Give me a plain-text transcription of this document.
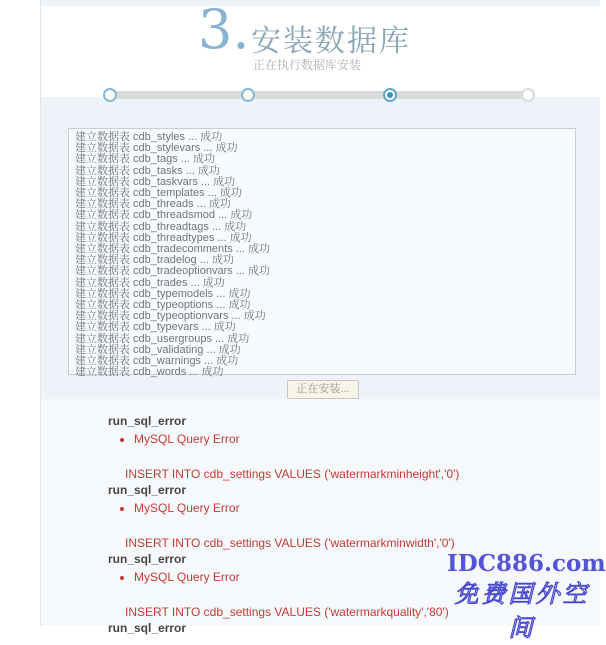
3. 安装数据库
正在执行数据库安装
建立数据表 cdb_styles ... 成功
建立数据表 cdb_stylevars ... 成功
建立数据表 cdb_tags ... 成功
建立数据表 cdb_tasks ... 成功
建立数据表 cdb_taskvars ... 成功
建立数据表 cdb_templates ... 成功
建立数据表 cdb_threads ... 成功
建立数据表 cdb_threadsmod ... 成功
建立数据表 cdb_threadtags ... 成功
建立数据表 cdb_threadtypes ... 成功
建立数据表 cdb_tradecomments ... 成功
建立数据表 cdb_tradelog ... 成功
建立数据表 cdb_tradeoptionvars ... 成功
建立数据表 cdb_trades ... 成功
建立数据表 cdb_typemodels ... 成功
建立数据表 cdb_typeoptions ... 成功
建立数据表 cdb_typeoptionvars ... 成功
建立数据表 cdb_typevars ... 成功
建立数据表 cdb_usergroups ... 成功
建立数据表 cdb_validating ... 成功
建立数据表 cdb_warnings ... 成功
建立数据表 cdb_words ... 成功
正在安装...

run_sql_error

• MySQL Query Error

INSERT INTO cdb_settings VALUES ('watermarkminheight','0')

run_sql_error

• MySQL Query Error

INSERT INTO cdb_settings VALUES ('watermarkminwidth','0')

run_sql_error

• MySQL Query Error

INSERT INTO cdb_settings VALUES ('watermarkquality','80')

run_sql_error

IDC886.com
间
